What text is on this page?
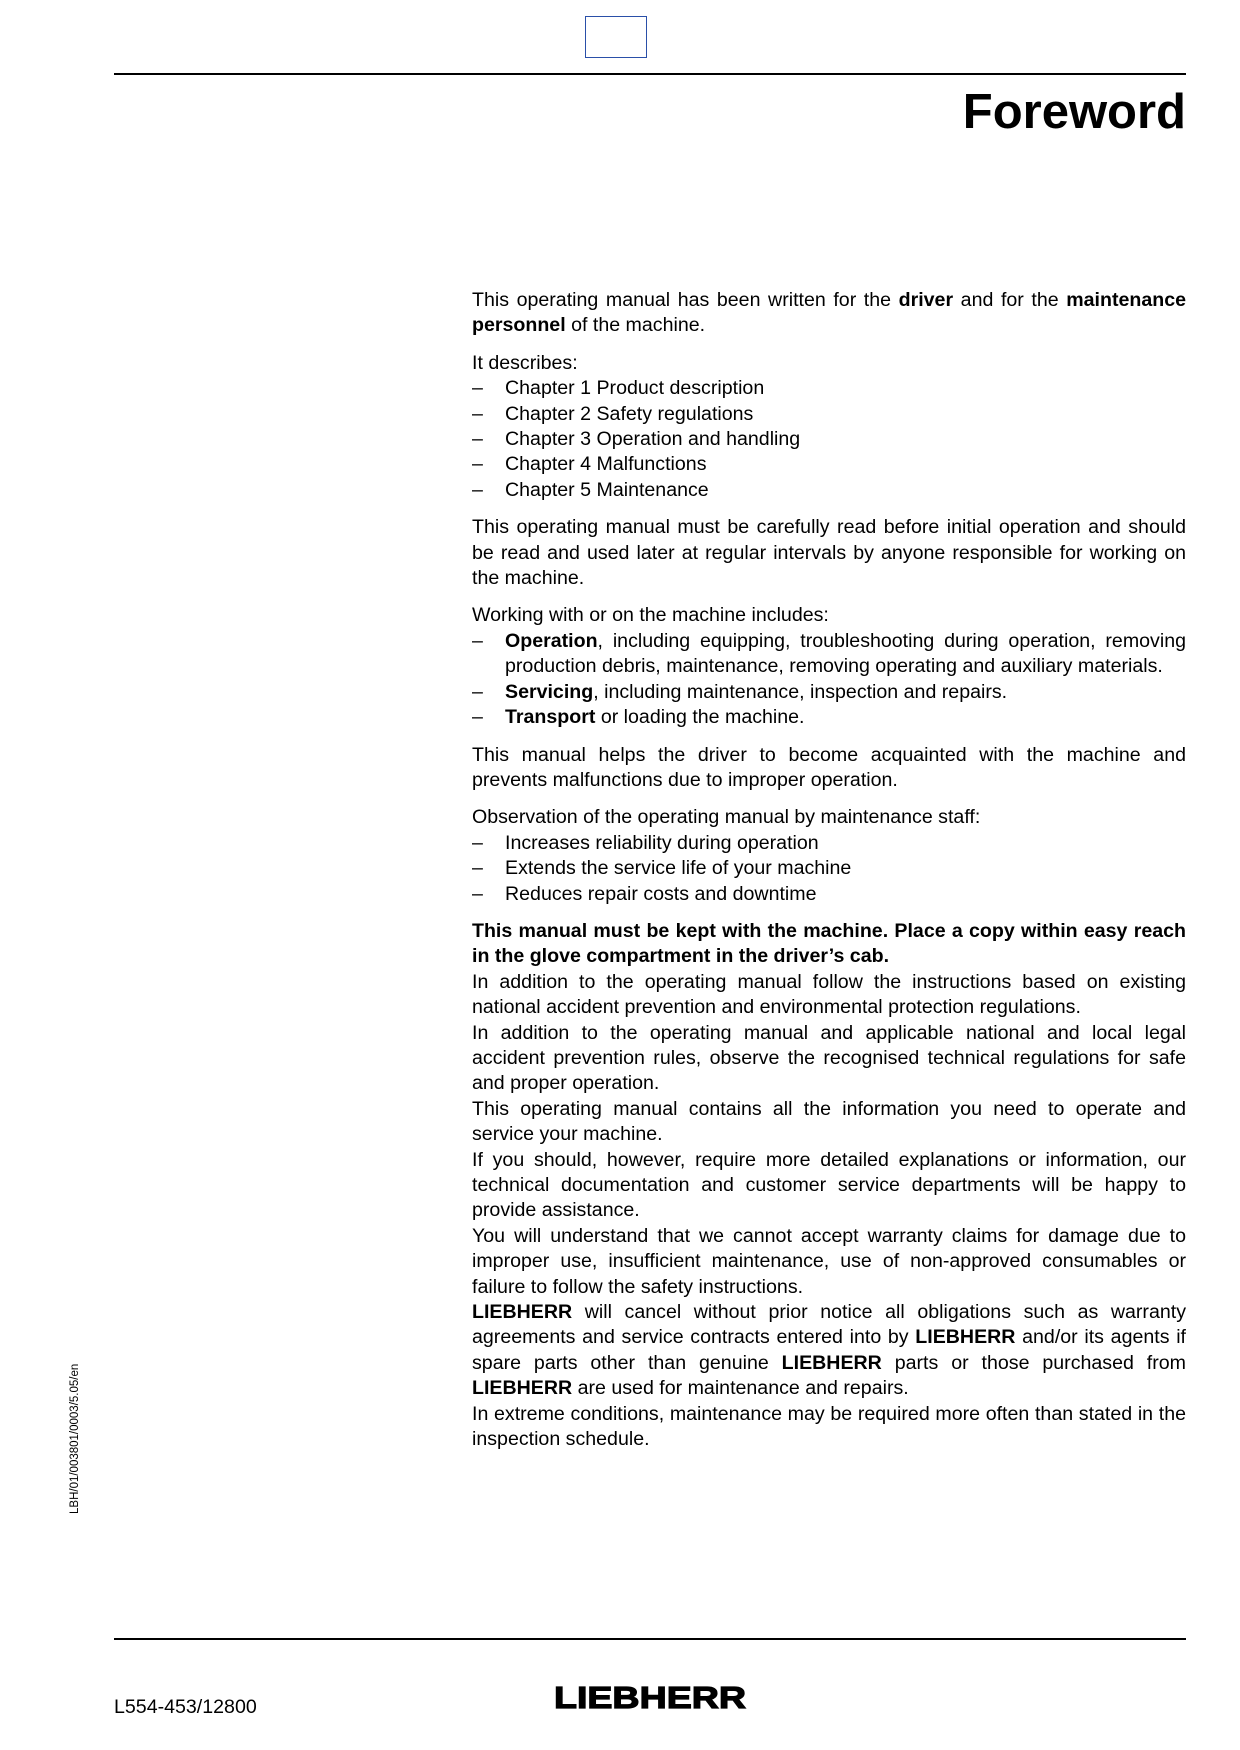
Foreword

This operating manual has been written for the driver and for the maintenance personnel of the machine.

It describes:

– Chapter 1 Product description
– Chapter 2 Safety regulations
– Chapter 3 Operation and handling
– Chapter 4 Malfunctions
– Chapter 5 Maintenance

This operating manual must be carefully read before initial operation and should be read and used later at regular intervals by anyone responsible for working on the machine.

Working with or on the machine includes:

– Operation, including equipping, troubleshooting during operation, removing production debris, maintenance, removing operating and auxiliary materials.
– Servicing, including maintenance, inspection and repairs.
– Transport or loading the machine.

This manual helps the driver to become acquainted with the machine and prevents malfunctions due to improper operation.

Observation of the operating manual by maintenance staff:

– Increases reliability during operation
– Extends the service life of your machine
– Reduces repair costs and downtime

This manual must be kept with the machine. Place a copy within easy reach in the glove compartment in the driver’s cab.

In addition to the operating manual follow the instructions based on existing national accident prevention and environmental protection regulations.

In addition to the operating manual and applicable national and local legal accident prevention rules, observe the recognised technical regulations for safe and proper operation.

This operating manual contains all the information you need to operate and service your machine.

If you should, however, require more detailed explanations or information, our technical documentation and customer service departments will be happy to provide assistance.

You will understand that we cannot accept warranty claims for damage due to improper use, insufficient maintenance, use of non-approved consumables or failure to follow the safety instructions.

LIEBHERR will cancel without prior notice all obligations such as warranty agreements and service contracts entered into by LIEBHERR and/or its agents if spare parts other than genuine LIEBHERR parts or those purchased from LIEBHERR are used for maintenance and repairs.

In extreme conditions, maintenance may be required more often than stated in the inspection schedule.

LBH/01/003801/0003/5.05/en
L554-453/12800	LIEBHERR
